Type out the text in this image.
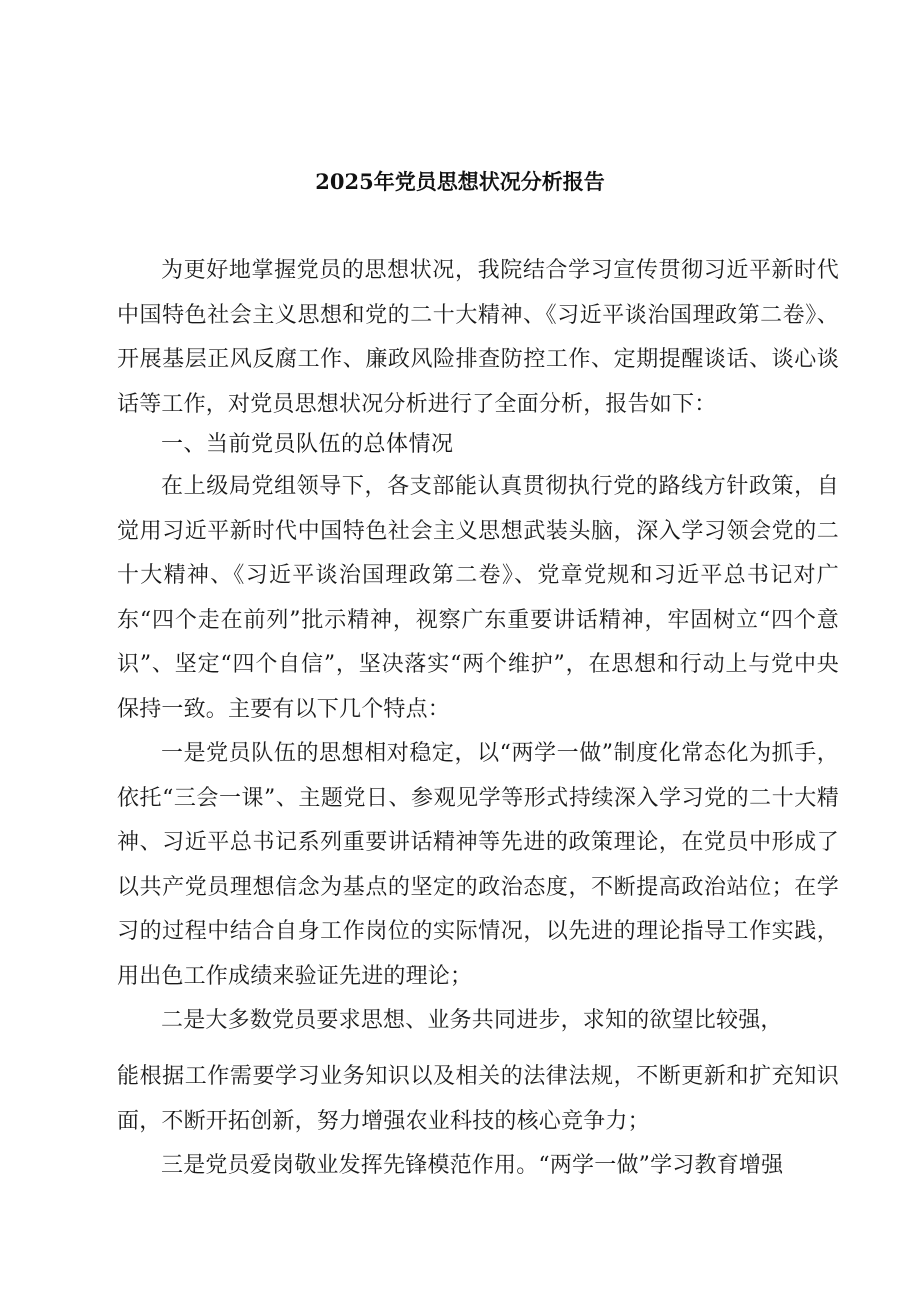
2025年党员思想状况分析报告

为更好地掌握党员的思想状况，我院结合学习宣传贯彻习近平新时代中国特色社会主义思想和党的二十大精神、《习近平谈治国理政第二卷》、开展基层正风反腐工作、廉政风险排查防控工作、定期提醒谈话、谈心谈话等工作，对党员思想状况分析进行了全面分析，报告如下：

一、当前党员队伍的总体情况

在上级局党组领导下，各支部能认真贯彻执行党的路线方针政策，自觉用习近平新时代中国特色社会主义思想武装头脑，深入学习领会党的二十大精神、《习近平谈治国理政第二卷》、党章党规和习近平总书记对广东“四个走在前列”批示精神，视察广东重要讲话精神，牢固树立“四个意识”、坚定“四个自信”，坚决落实“两个维护”，在思想和行动上与党中央保持一致。主要有以下几个特点：

一是党员队伍的思想相对稳定，以“两学一做”制度化常态化为抓手，依托“三会一课”、主题党日、参观见学等形式持续深入学习党的二十大精神、习近平总书记系列重要讲话精神等先进的政策理论，在党员中形成了以共产党员理想信念为基点的坚定的政治态度，不断提高政治站位；在学习的过程中结合自身工作岗位的实际情况，以先进的理论指导工作实践，用出色工作成绩来验证先进的理论；

二是大多数党员要求思想、业务共同进步，求知的欲望比较强，

能根据工作需要学习业务知识以及相关的法律法规，不断更新和扩充知识面，不断开拓创新，努力增强农业科技的核心竞争力；

三是党员爱岗敬业发挥先锋模范作用。“两学一做”学习教育增强
